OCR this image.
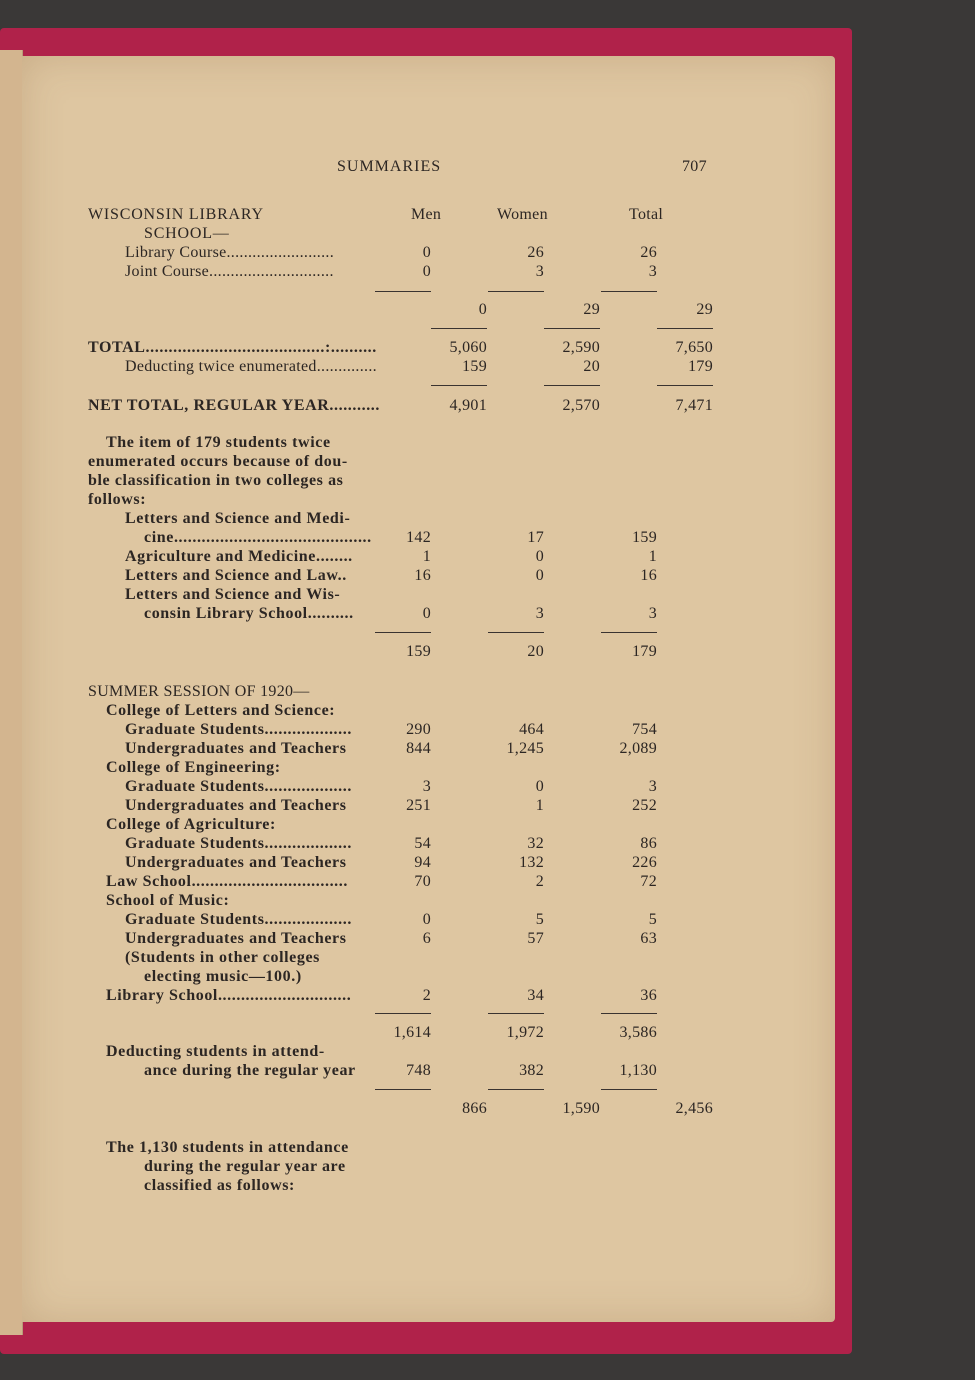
SUMMARIES	707
WISCONSIN LIBRARY
SCHOOL—
Men	Women	Total
Library Course.........................	0	26	26
Joint Course.............................	0	3	3
0	29	29
TOTAL.......................................:..........	5,060	2,590	7,650
Deducting twice enumerated..............	159	20	179
NET TOTAL, REGULAR YEAR...........	4,901	2,570	7,471
The item of 179 students twice
enumerated occurs because of dou-
ble classification in two colleges as
follows:
Letters and Science and Medi-
cine........................................... 142	17	159
Agriculture and Medicine........	1	0	1
Letters and Science and Law..	16	0	16
Letters and Science and Wis-
consin Library School..........	0	3	3
159	20	179
SUMMER SESSION OF 1920—
College of Letters and Science:
Graduate Students...................	290	464	754
Undergraduates and Teachers	844	1,245	2,089
College of Engineering:
Graduate Students...................	3	0	3
Undergraduates and Teachers	251	1	252
College of Agriculture:
Graduate Students...................	54	32	86
Undergraduates and Teachers	94	132	226
Law School..................................	70	2	72
School of Music:
Graduate Students...................	0	5	5
Undergraduates and Teachers	6	57	63
(Students in other colleges
electing music—100.)
Library School.............................	2	34	36
1,614	1,972	3,586
Deducting students in attend-
ance during the regular year	748	382	1,130
866	1,590	2,456
The 1,130 students in attendance
during the regular year are
classified as follows:
